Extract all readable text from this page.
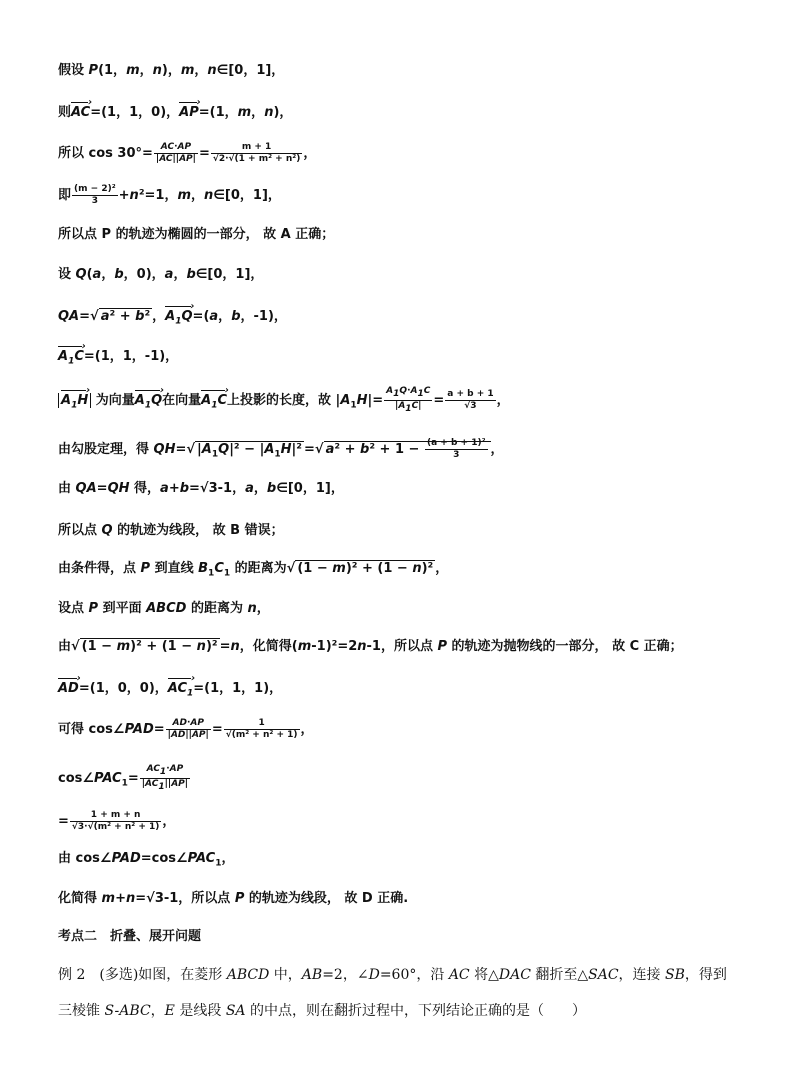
假设 P(1，m，n)，m，n∈[0，1]，
则AC ›=(1，1，0)，AP ›=(1，m，n)，
所以 $\cos 30^\circ= \frac{AC\cdot AP}{|AC||AP|} = \frac{m + 1}{\text{√2·√(1 + m² + n²)}}$ ，
即 $\frac{\text{(m − 2)²}}{3} +n^2=1$，m，n∈[0，1]，
所以点 P 的轨迹为椭圆的一部分， 故 A 正确；
设 Q(a，b，0)，a，b∈[0，1]，
QA=√ a² + b² ，$A_1Q$ ›=(a，b，-1)，
$A_1C$ ›=(1，1，-1)，
$A_1H$ › 为向量$A_1Q$ ›在向量$A_1C$ ›上投影的长度，故 $|A_1H|= \frac{A_1Q\cdot A_1C}{|A_1C|} = \frac{a + b + 1}{√3}$ ，
由勾股定理，得 QH=√ $|A_1Q|^2 - |A_1H|^2$ =√ $a^2 + b^2 + 1 - \frac{\text{(a + b + 1)²}}{3}$ ，
由 QA=QH 得，a+b=√3-1，a，b∈[0，1]，
所以点 Q 的轨迹为线段， 故 B 错误；
由条件得，点 P 到直线 $B_1C_1$ 的距离为√ (1 − m)² + (1 − n)² ，
设点 P 到平面 ABCD 的距离为 n，
由√ (1 − m)² + (1 − n)² =n，化简得(m-1)²=2n-1，所以点 P 的轨迹为抛物线的一部分， 故 C 正确；
AD ›=(1，0，0)，$AC_1$ ›=(1，1，1)，
可得 cos∠PAD= $\frac{AD\cdot AP}{|AD||AP|} = \frac{1}{\text{√(m² + n² + 1)}}$ ，
$\cos\angle PAC_1= \frac{AC_1\cdot AP}{|AC_1||AP|}$
= $\frac{1 + m + n}{\text{√3·√(m² + n² + 1)}}$ ，
由 $\cos\angle PAD=\cos\angle PAC_1$，
化简得 m+n=√3-1，所以点 P 的轨迹为线段， 故 D 正确.
考点二　折叠、展开问题
例 2　(多选)如图，在菱形 ABCD 中，AB=2，∠D=60°，沿 AC 将△DAC 翻折至△SAC，连接 SB，得到
三棱锥 S-ABC，E 是线段 SA 的中点，则在翻折过程中，下列结论正确的是（　　）
